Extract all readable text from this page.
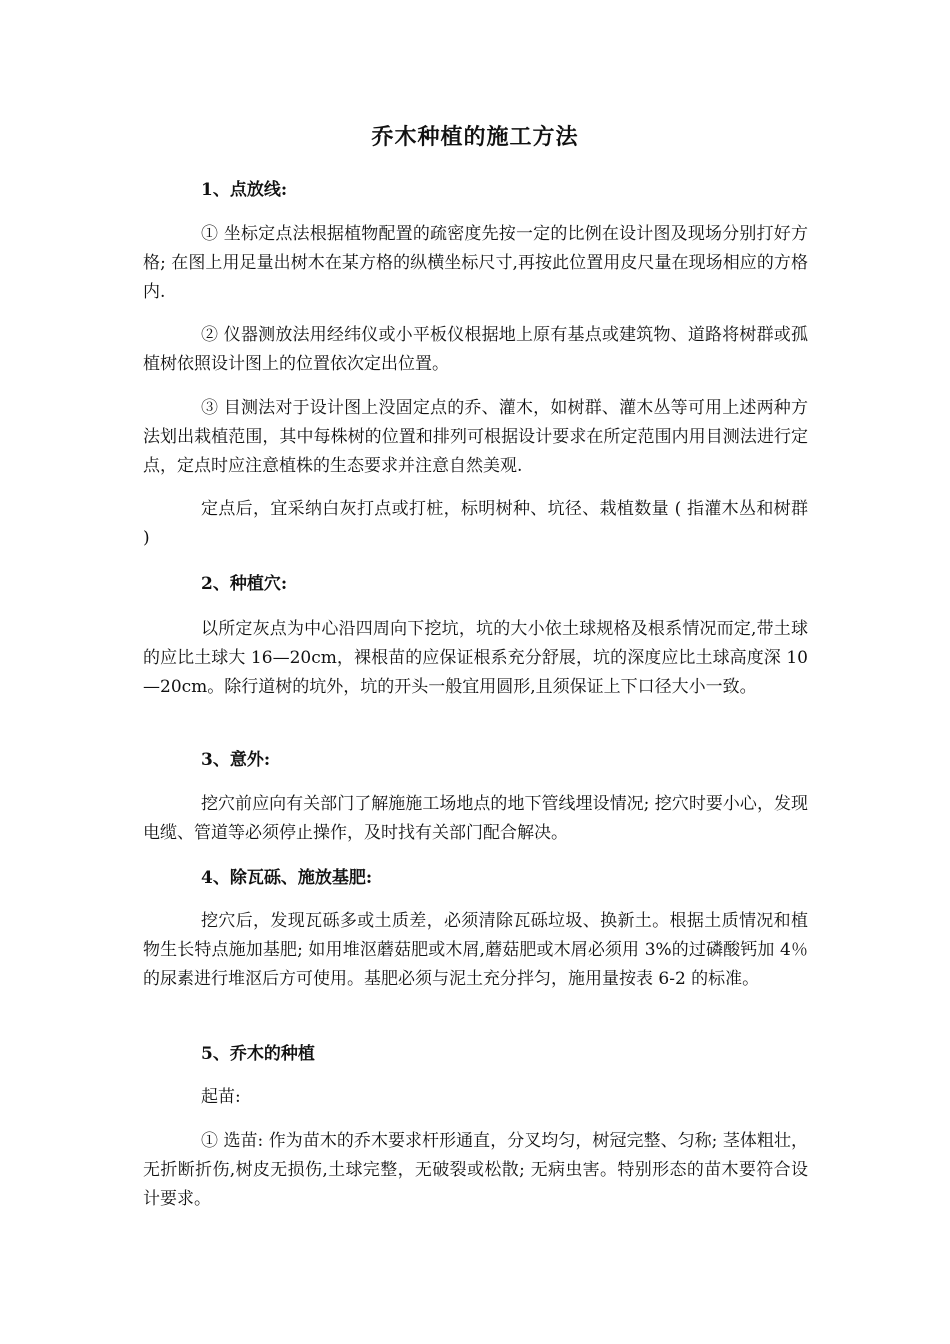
乔木种植的施工方法

1、点放线:

① 坐标定点法根据植物配置的疏密度先按一定的比例在设计图及现场分别打好方格; 在图上用足量出树木在某方格的纵横坐标尺寸,再按此位置用皮尺量在现场相应的方格内.

② 仪器测放法用经纬仪或小平板仪根据地上原有基点或建筑物、道路将树群或孤植树依照设计图上的位置依次定出位置。

③ 目测法对于设计图上没固定点的乔、灌木，如树群、灌木丛等可用上述两种方法划出栽植范围，其中每株树的位置和排列可根据设计要求在所定范围内用目测法进行定点，定点时应注意植株的生态要求并注意自然美观.

定点后，宜采纳白灰打点或打桩，标明树种、坑径、栽植数量 ( 指灌木丛和树群 )

2、种植穴:

以所定灰点为中心沿四周向下挖坑，坑的大小依土球规格及根系情况而定,带土球的应比土球大 16—20cm，裸根苗的应保证根系充分舒展，坑的深度应比土球高度深 10—20cm。除行道树的坑外，坑的开头一般宜用圆形,且须保证上下口径大小一致。

3、意外:

挖穴前应向有关部门了解施施工场地点的地下管线埋设情况; 挖穴时要小心，发现电缆、管道等必须停止操作，及时找有关部门配合解决。

4、除瓦砾、施放基肥:

挖穴后，发现瓦砾多或土质差，必须清除瓦砾垃圾、换新土。根据土质情况和植物生长特点施加基肥; 如用堆沤蘑菇肥或木屑,蘑菇肥或木屑必须用 3%的过磷酸钙加 4％的尿素进行堆沤后方可使用。基肥必须与泥土充分拌匀，施用量按表 6-2 的标准。

5、乔木的种植

起苗:

① 选苗: 作为苗木的乔木要求杆形通直，分叉均匀，树冠完整、匀称; 茎体粗壮，无折断折伤,树皮无损伤,土球完整，无破裂或松散; 无病虫害。特别形态的苗木要符合设计要求。
